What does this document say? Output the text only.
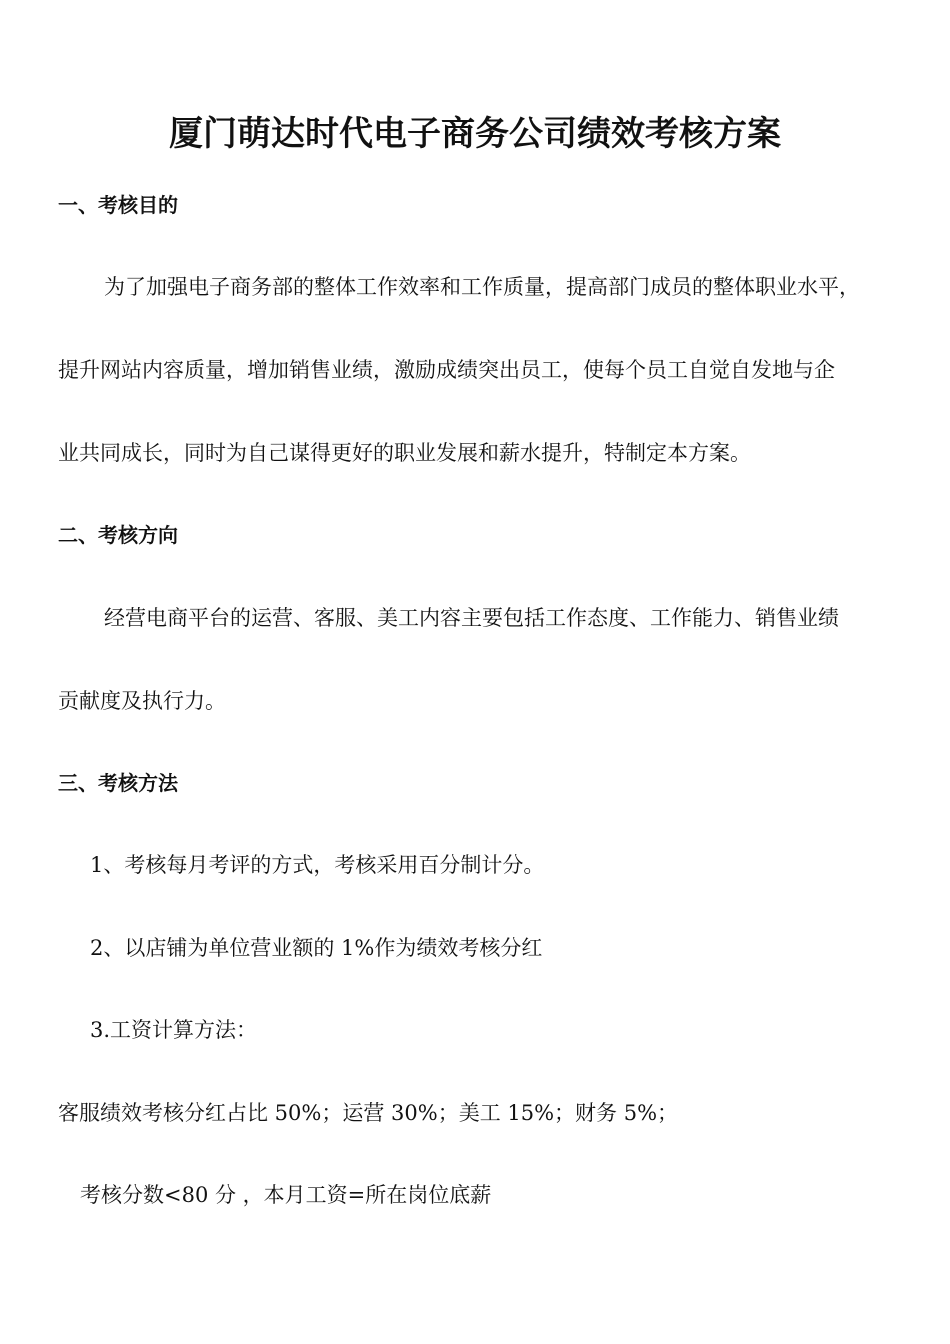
厦门萌达时代电子商务公司绩效考核方案
一、考核目的
为了加强电子商务部的整体工作效率和工作质量，提高部门成员的整体职业水平，
提升网站内容质量，增加销售业绩，激励成绩突出员工，使每个员工自觉自发地与企
业共同成长，同时为自己谋得更好的职业发展和薪水提升，特制定本方案。
二、考核方向
经营电商平台的运营、客服、美工内容主要包括工作态度、工作能力、销售业绩
贡献度及执行力。
三、考核方法
1、考核每月考评的方式，考核采用百分制计分。
2、以店铺为单位营业额的 1%作为绩效考核分红
3.工资计算方法：
客服绩效考核分红占比 50%；运营 30%；美工 15%；财务 5%；
考核分数<80 分 ，本月工资=所在岗位底薪
